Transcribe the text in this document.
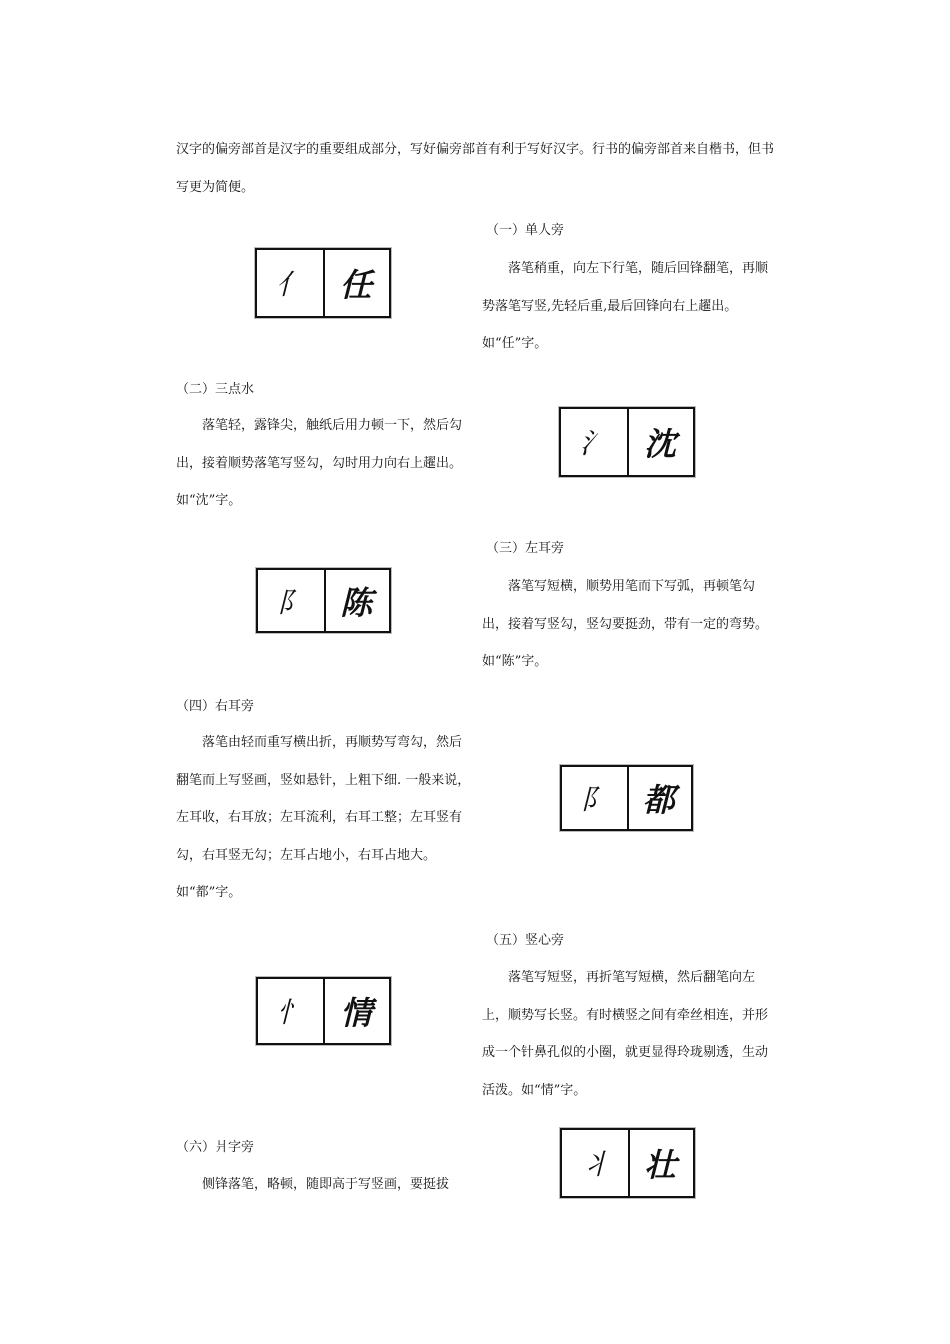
汉字的偏旁部首是汉字的重要组成部分，写好偏旁部首有利于写好汉字。行书的偏旁部首来自楷书，但书写更为简便。
（一）单人旁
落笔稍重，向左下行笔，随后回锋翻笔，再顺势落笔写竖,先轻后重,最后回锋向右上趯出。如“任”字。
亻	任
（二）三点水
落笔轻，露锋尖，触纸后用力顿一下，然后勾出，接着顺势落笔写竖勾，勾时用力向右上趯出。如“沈”字。
氵	沈
（三）左耳旁
落笔写短横，顺势用笔而下写弧，再顿笔勾出，接着写竖勾，竖勾要挺劲，带有一定的弯势。如“陈”字。
阝	陈
（四）右耳旁
落笔由轻而重写横出折，再顺势写弯勾，然后翻笔而上写竖画，竖如悬针，上粗下细. 一般来说，左耳收，右耳放；左耳流利，右耳工整；左耳竖有勾，右耳竖无勾；左耳占地小，右耳占地大。如“都”字。
阝	都
（五）竖心旁
落笔写短竖，再折笔写短横，然后翻笔向左上，顺势写长竖。有时横竖之间有牵丝相连，并形成一个针鼻孔似的小圈，就更显得玲珑剔透，生动活泼。如“情”字。
忄	情
（六）爿字旁
侧锋落笔，略顿，随即高于写竖画，要挺拔
丬	壮
